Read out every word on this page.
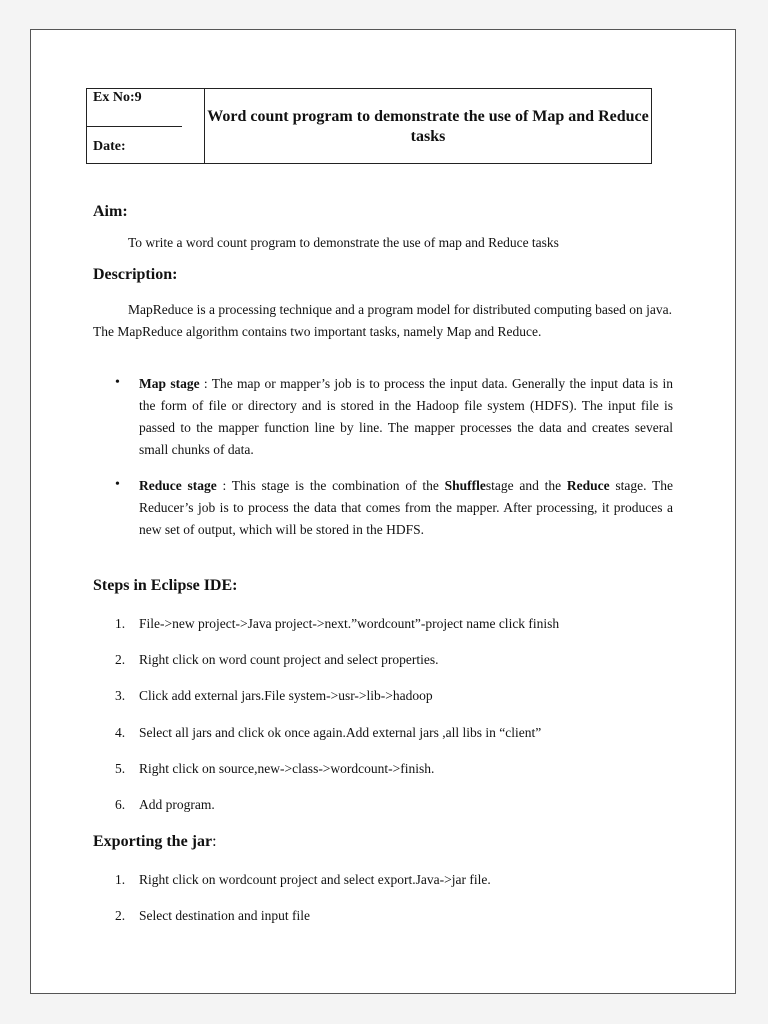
Ex No:9
Date:
Word count program to demonstrate the use of Map and Reduce tasks
Aim:
To write a word count program to demonstrate the use of map and Reduce tasks
Description:
MapReduce is a processing technique and a program model for distributed computing based on java. The MapReduce algorithm contains two important tasks, namely Map and Reduce.
• Map stage : The map or mapper’s job is to process the input data. Generally the input data is in the form of file or directory and is stored in the Hadoop file system (HDFS). The input file is passed to the mapper function line by line. The mapper processes the data and creates several small chunks of data.
• Reduce stage : This stage is the combination of the Shufflestage and the Reduce stage. The Reducer’s job is to process the data that comes from the mapper. After processing, it produces a new set of output, which will be stored in the HDFS.
Steps in Eclipse IDE:
1. File->new project->Java project->next.”wordcount”-project name click finish
2. Right click on word count project and select properties.
3. Click add external jars.File system->usr->lib->hadoop
4. Select all jars and click ok once again.Add external jars ,all libs in “client”
5. Right click on source,new->class->wordcount->finish.
6. Add program.
Exporting the jar:
1. Right click on wordcount project and select export.Java->jar file.
2. Select destination and input file
